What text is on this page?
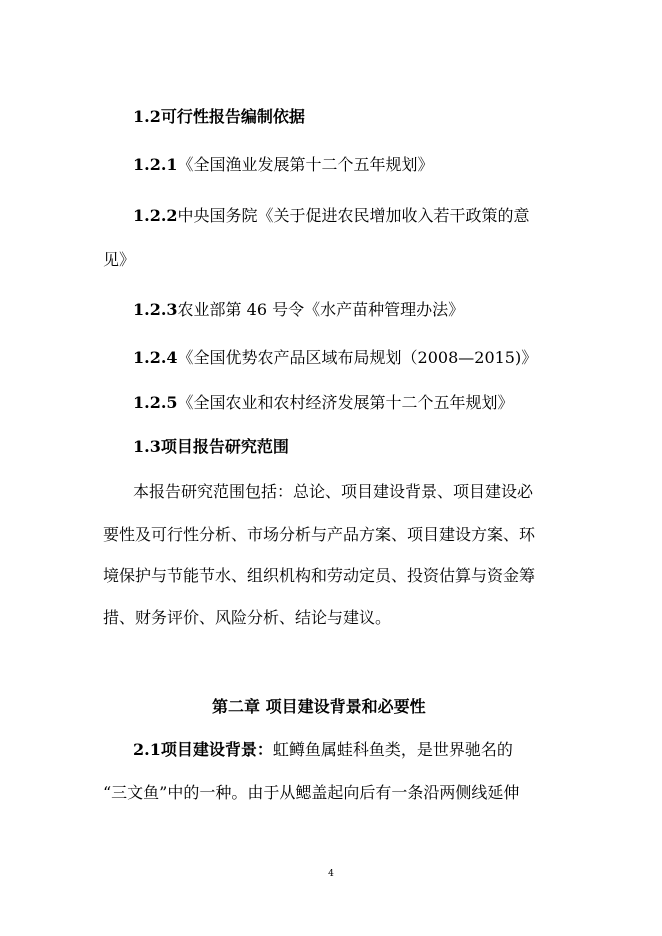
1.2可行性报告编制依据

1.2.1《全国渔业发展第十二个五年规划》

1.2.2中央国务院《关于促进农民增加收入若干政策的意

见》

1.2.3农业部第 46 号令《水产苗种管理办法》

1.2.4《全国优势农产品区域布局规划（2008—2015)》

1.2.5《全国农业和农村经济发展第十二个五年规划》

1.3项目报告研究范围

本报告研究范围包括：总论、项目建设背景、项目建设必

要性及可行性分析、市场分析与产品方案、项目建设方案、环

境保护与节能节水、组织机构和劳动定员、投资估算与资金筹

措、财务评价、风险分析、结论与建议。

第二章 项目建设背景和必要性

2.1项目建设背景：虹鳟鱼属蛙科鱼类，是世界驰名的

“三文鱼”中的一种。由于从鳃盖起向后有一条沿两侧线延伸

4
